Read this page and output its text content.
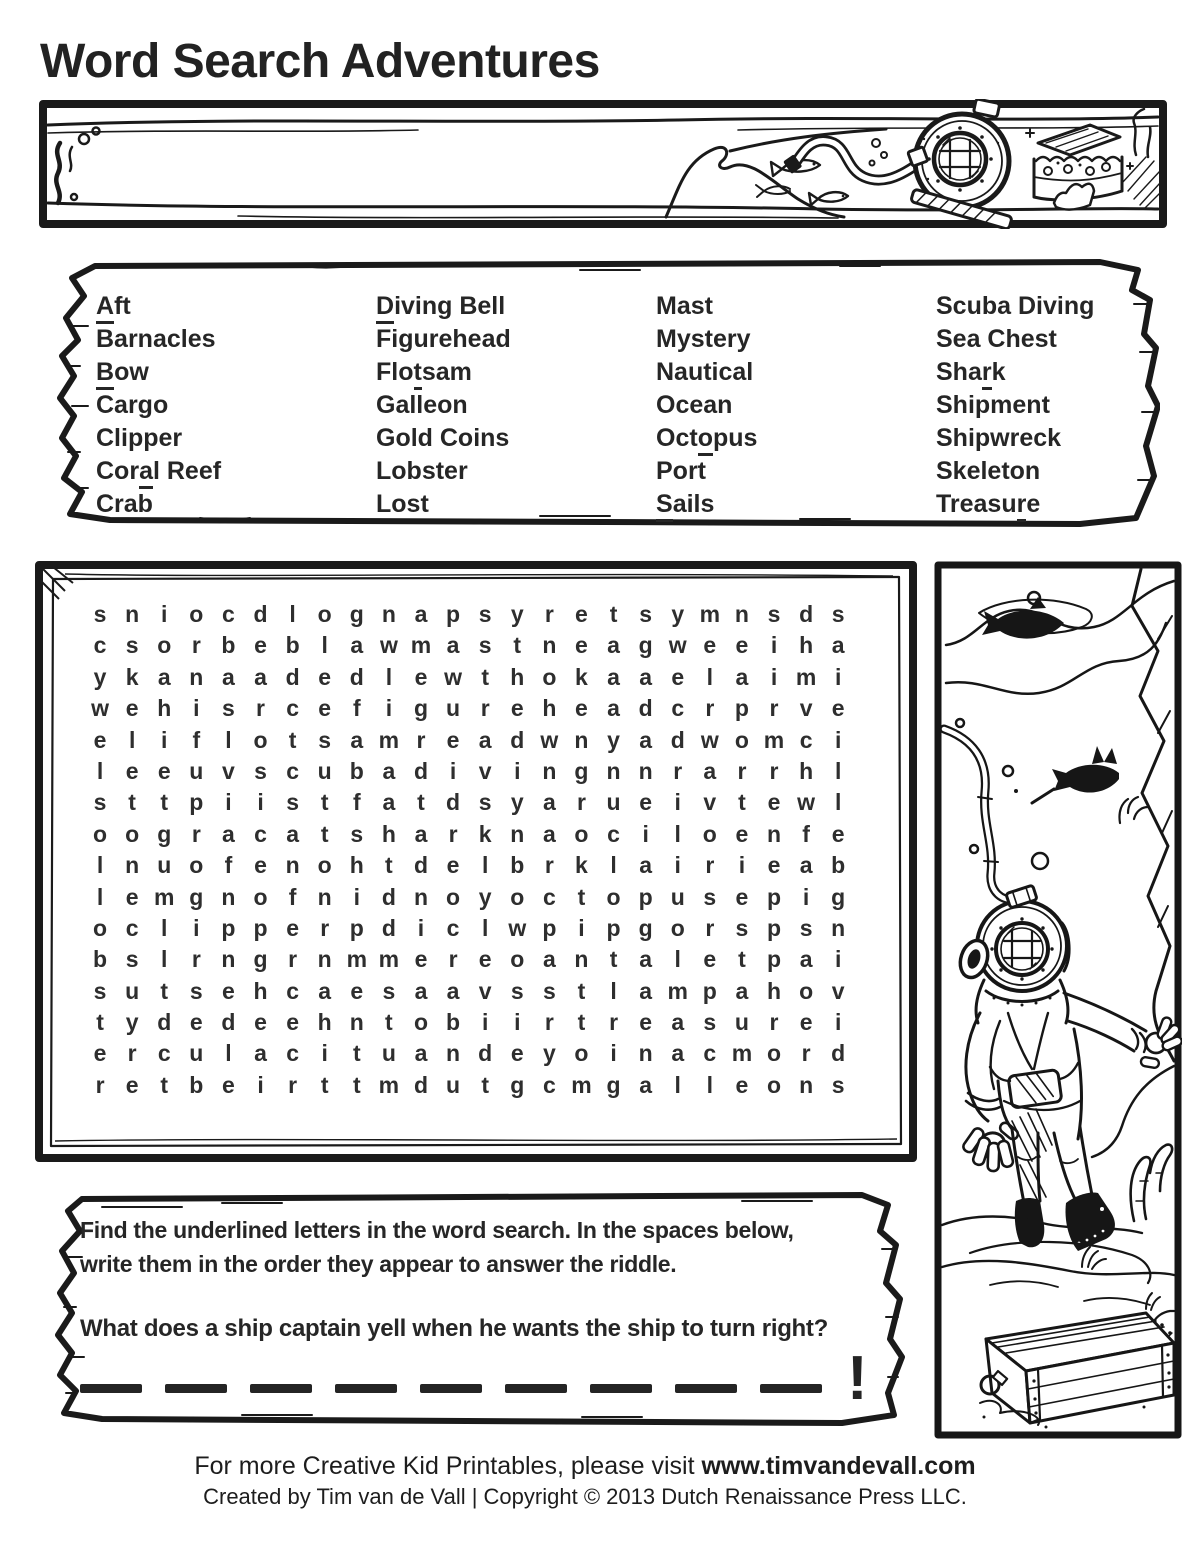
Word Search Adventures
Aft
Barnacles
Bow
Cargo
Clipper
Coral Reef
Crab
Diving Bell
Figurehead
Flotsam
Galleon
Gold Coins
Lobster
Lost
Mast
Mystery
Nautical
Ocean
Octopus
Port
Sails
Scuba Diving
Sea Chest
Shark
Shipment
Shipwreck
Skeleton
Treasure
s n i o c d l o g n a p s y r e t s y m n s d s
c s o r b e b l a w m a s t n e a g w e e i h a
y k a n a a d e d l e w t h o k a a e l a i m i
w e h i s r c e f	i g u r e h e a d c r p r v e
e l	i	f	l o t s a m r e a d w n y a d w o m c i
l e e u v s c u b a d i v i n g n n r a r	r h l
s t	t p i	i s t	f a t d s y a r u e i v t e w l
o o g r a c a t s h a r k n a o c i	l o e n f e
l n u o f e n o h t d e l b r k l a i	r	i e a b
l e m g n o f n i d n o y o c t o p u s e p i g
o c l	i p p e r p d i c l w p i p g o r s p s n
b s l	r n g r n m m e r e o a n t a l e t p a i
s u t s e h c a e s a a v s s t	l a m p a h o v
t y d e d e e h n t o b i	i	r	t	r e a s u r e i
e r c u l a c i	t u a n d e y o i n a c m o r d
r e t b e i	r	t	t m d u t g c m g a l	l e o n s
Find the underlined letters in the word search. In the spaces below,
write them in the order they appear to answer the riddle.
What does a ship captain yell when he wants the ship to turn right?
!
For more Creative Kid Printables, please visit www.timvandevall.com
Created by Tim van de Vall | Copyright © 2013 Dutch Renaissance Press LLC.
